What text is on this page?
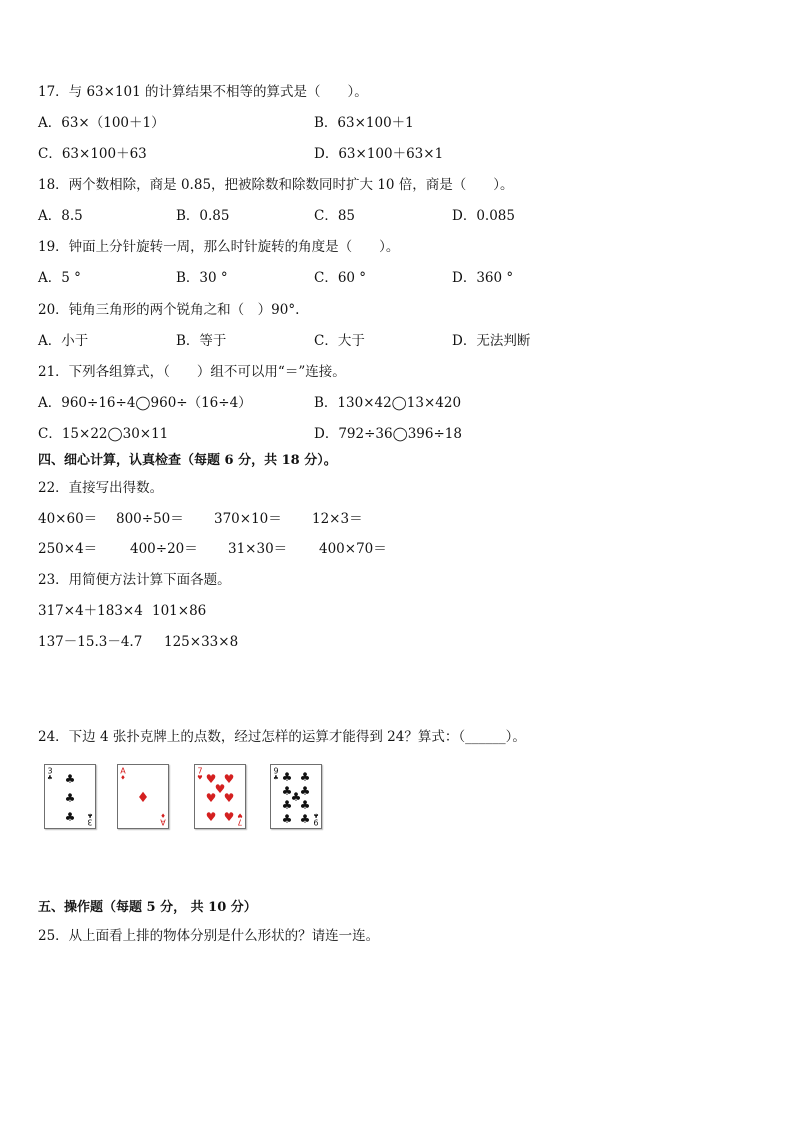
17．与 63×101 的计算结果不相等的算式是（　　）。
A．63×（100＋1）	B．63×100＋1
C．63×100＋63	D．63×100＋63×1
18．两个数相除，商是 0.85，把被除数和除数同时扩大 10 倍，商是（　　）。
A．8.5	B．0.85	C．85	D．0.085
19．钟面上分针旋转一周，那么时针旋转的角度是（　　）。
A．5 °	B．30 °	C．60 °	D．360 °
20．钝角三角形的两个锐角之和（　）90°.
A．小于	B．等于	C．大于	D．无法判断
21．下列各组算式，（　　）组不可以用“＝”连接。
A．960÷16÷4◯960÷（16÷4）	B．130×42◯13×420
C．15×22◯30×11	D．792÷36◯396÷18
四、细心计算，认真检查（每题 6 分，共 18 分）。
22．直接写出得数。
40×60＝ 800÷50＝ 370×10＝ 12×3＝
250×4＝ 400÷20＝ 31×30＝ 400×70＝
23．用简便方法计算下面各题。
317×4＋183×4 101×86
137－15.3－4.7 125×33×8
24．下边 4 张扑克牌上的点数，经过怎样的运算才能得到 24？算式：（______）。
3
♣
3
♣
♣
♣
♣
A
♦
A
♦
♦
7
♥
7
♥
♥ ♥
♥
♥ ♥
♥ ♥
9
♣
9
♣
♣ ♣
♣ ♣
♣
♣ ♣
♣ ♣
五、操作题（每题 5 分， 共 10 分）
25．从上面看上排的物体分别是什么形状的？请连一连。
